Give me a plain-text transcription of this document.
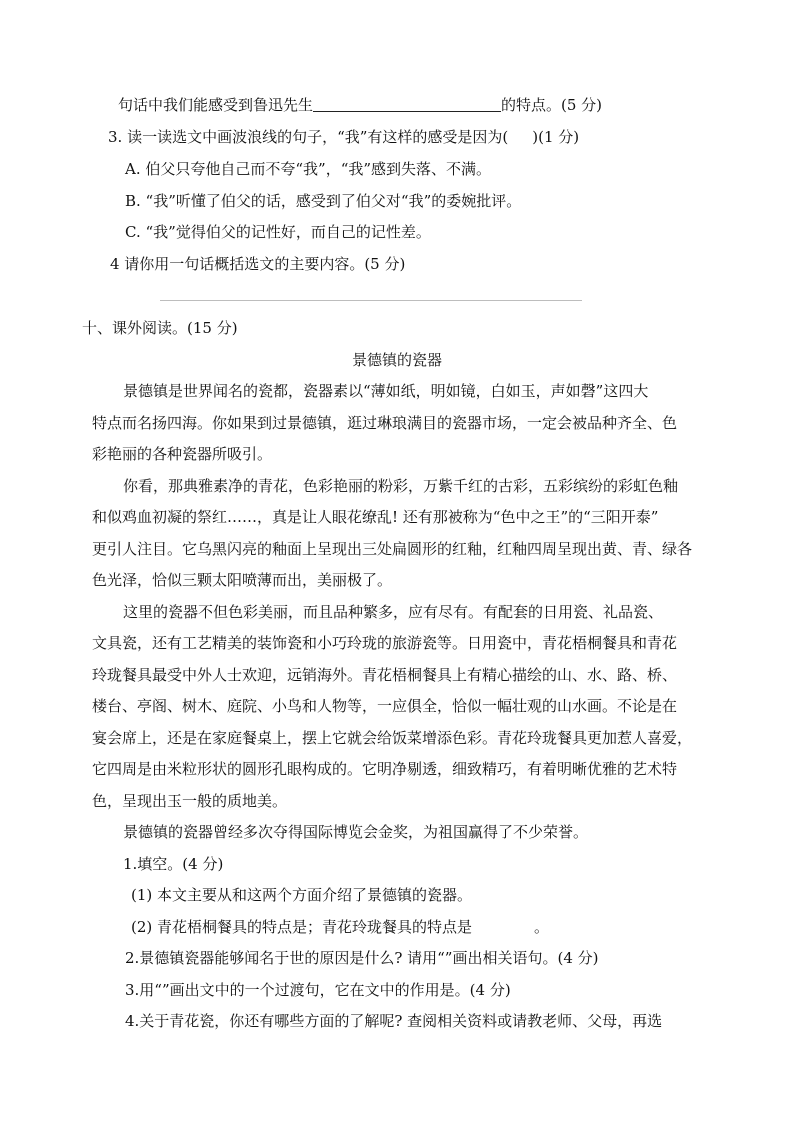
句话中我们能感受到鲁迅先生	的特点。(5 分)
3. 读一读选文中画波浪线的句子，“我”有这样的感受是因为( )(1 分)
A. 伯父只夸他自己而不夸“我”，“我”感到失落、不满。
B. “我”听懂了伯父的话，感受到了伯父对“我”的委婉批评。
C. “我”觉得伯父的记性好，而自己的记性差。
4 请你用一句话概括选文的主要内容。(5 分)
十、课外阅读。(15 分)
景德镇的瓷器
景德镇是世界闻名的瓷都，瓷器素以“薄如纸，明如镜，白如玉，声如磬”这四大
特点而名扬四海。你如果到过景德镇，逛过琳琅满目的瓷器市场，一定会被品种齐全、色
彩艳丽的各种瓷器所吸引。
你看，那典雅素净的青花，色彩艳丽的粉彩，万紫千红的古彩，五彩缤纷的彩虹色釉
和似鸡血初凝的祭红……，真是让人眼花缭乱! 还有那被称为“色中之王”的“三阳开泰”
更引人注目。它乌黑闪亮的釉面上呈现出三处扁圆形的红釉，红釉四周呈现出黄、青、绿各
色光泽，恰似三颗太阳喷薄而出，美丽极了。
这里的瓷器不但色彩美丽，而且品种繁多，应有尽有。有配套的日用瓷、礼品瓷、
文具瓷，还有工艺精美的装饰瓷和小巧玲珑的旅游瓷等。日用瓷中，青花梧桐餐具和青花
玲珑餐具最受中外人士欢迎，远销海外。青花梧桐餐具上有精心描绘的山、水、路、桥、
楼台、亭阁、树木、庭院、小鸟和人物等，一应俱全，恰似一幅壮观的山水画。不论是在
宴会席上，还是在家庭餐桌上，摆上它就会给饭菜增添色彩。青花玲珑餐具更加惹人喜爱，
它四周是由米粒形状的圆形孔眼构成的。它明净剔透，细致精巧，有着明晰优雅的艺术特
色，呈现出玉一般的质地美。
景德镇的瓷器曾经多次夺得国际博览会金奖，为祖国赢得了不少荣誉。
1.填空。(4 分)
(1) 本文主要从和这两个方面介绍了景德镇的瓷器。
(2) 青花梧桐餐具的特点是；青花玲珑餐具的特点是	。
2.景德镇瓷器能够闻名于世的原因是什么? 请用“”画出相关语句。(4 分)
3.用“”画出文中的一个过渡句，它在文中的作用是。(4 分)
4.关于青花瓷，你还有哪些方面的了解呢? 查阅相关资料或请教老师、父母，再选
